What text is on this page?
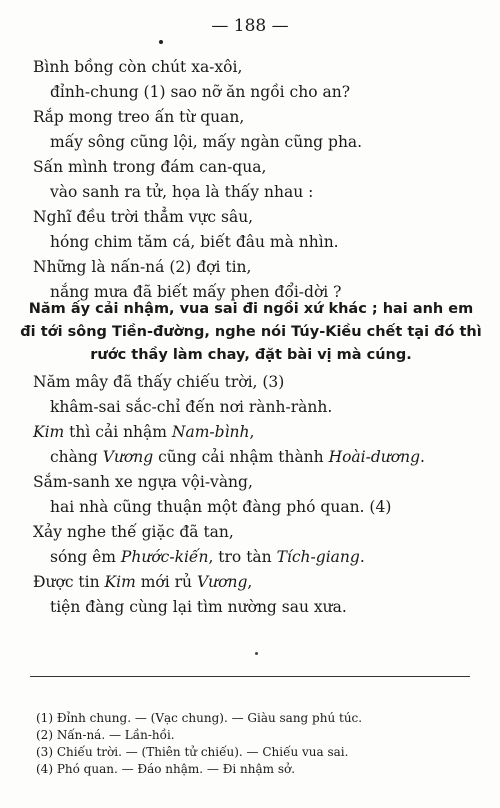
— 188 —
Bình bồng còn chút xa-xôi,
đỉnh-chung (1) sao nỡ ăn ngồi cho an?
Rắp mong treo ấn từ quan,
mấy sông cũng lội, mấy ngàn cũng pha.
Sấn mình trong đám can-qua,
vào sanh ra tử, họa là thấy nhau :
Nghĩ đều trời thẳm vực sâu,
hóng chim tăm cá, biết đâu mà nhìn.
Những là nấn-ná (2) đợi tin,
nắng mưa đã biết mấy phen đổi-dời ?
Năm ấy cải nhậm, vua sai đi ngồi xứ khác ; hai anh em đi tới sông Tiền-đường, nghe nói Túy-Kiều chết tại đó thì rước thầy làm chay, đặt bài vị mà cúng.
Năm mây đã thấy chiếu trời, (3)
khâm-sai sắc-chỉ đến nơi rành-rành.
Kim thì cải nhậm Nam-bình,
chàng Vương cũng cải nhậm thành Hoài-dương.
Sắm-sanh xe ngựa vội-vàng,
hai nhà cũng thuận một đàng phó quan. (4)
Xảy nghe thế giặc đã tan,
sóng êm Phước-kiến, tro tàn Tích-giang.
Được tin Kim mới rủ Vương,
tiện đàng cùng lại tìm nường sau xưa.
(1) Đỉnh chung. — (Vạc chung). — Giàu sang phú túc.
(2) Nấn-ná. — Lần-hồi.
(3) Chiếu trời. — (Thiên tử chiếu). — Chiếu vua sai.
(4) Phó quan. — Đáo nhậm. — Đi nhậm sở.
